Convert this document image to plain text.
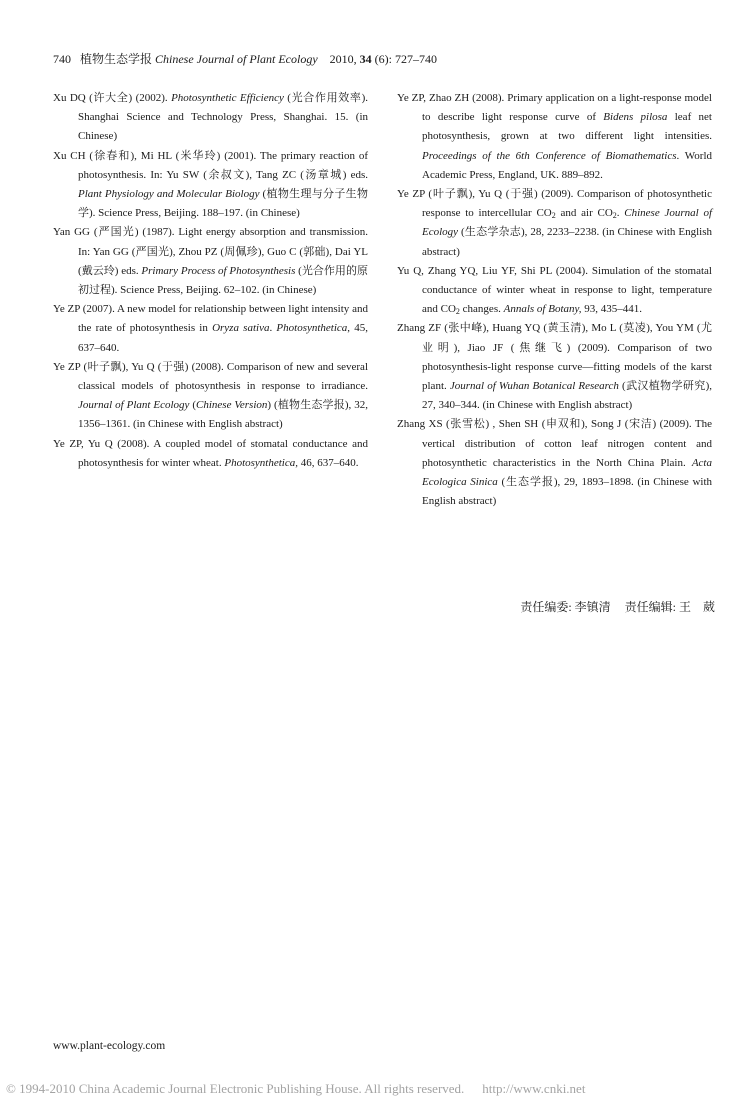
740 植物生态学报 Chinese Journal of Plant Ecology 2010, 34 (6): 727–740

Xu DQ (许大全) (2002). Photosynthetic Efficiency (光合作用效率). Shanghai Science and Technology Press, Shanghai. 15. (in Chinese)

Xu CH (徐春和), Mi HL (米华玲) (2001). The primary reaction of photosynthesis. In: Yu SW (余叔文), Tang ZC (汤章城) eds. Plant Physiology and Molecular Biology (植物生理与分子生物学). Science Press, Beijing. 188–197. (in Chinese)

Yan GG (严国光) (1987). Light energy absorption and transmission. In: Yan GG (严国光), Zhou PZ (周佩珍), Guo C (郭础), Dai YL (戴云玲) eds. Primary Process of Photosynthesis (光合作用的原初过程). Science Press, Beijing. 62–102. (in Chinese)

Ye ZP (2007). A new model for relationship between light intensity and the rate of photosynthesis in Oryza sativa. Photosynthetica, 45, 637–640.

Ye ZP (叶子飘), Yu Q (于强) (2008). Comparison of new and several classical models of photosynthesis in response to irradiance. Journal of Plant Ecology (Chinese Version) (植物生态学报), 32, 1356–1361. (in Chinese with English abstract)

Ye ZP, Yu Q (2008). A coupled model of stomatal conductance and photosynthesis for winter wheat. Photosynthetica, 46, 637–640.

Ye ZP, Zhao ZH (2008). Primary application on a light-response model to describe light response curve of Bidens pilosa leaf net photosynthesis, grown at two different light intensities. Proceedings of the 6th Conference of Biomathematics. World Academic Press, England, UK. 889–892.

Ye ZP (叶子飘), Yu Q (于强) (2009). Comparison of photosynthetic response to intercellular $CO_2$ and air $CO_2$. Chinese Journal of Ecology (生态学杂志), 28, 2233–2238. (in Chinese with English abstract)

Yu Q, Zhang YQ, Liu YF, Shi PL (2004). Simulation of the stomatal conductance of winter wheat in response to light, temperature and $CO_2$ changes. Annals of Botany, 93, 435–441.

Zhang ZF (张中峰), Huang YQ (黄玉清), Mo L (莫凌), You YM (尤业明), Jiao JF (焦继飞) (2009). Comparison of two photosynthesis-light response curve—fitting models of the karst plant. Journal of Wuhan Botanical Research (武汉植物学研究), 27, 340–344. (in Chinese with English abstract)

Zhang XS (张雪松) , Shen SH (申双和), Song J (宋洁) (2009). The vertical distribution of cotton leaf nitrogen content and photosynthetic characteristics in the North China Plain. Acta Ecologica Sinica (生态学报), 29, 1893–1898. (in Chinese with English abstract)

责任编委: 李镇清 责任编辑: 王　葳
www.plant-ecology.com
© 1994-2010 China Academic Journal Electronic Publishing House. All rights reserved. http://www.cnki.net
